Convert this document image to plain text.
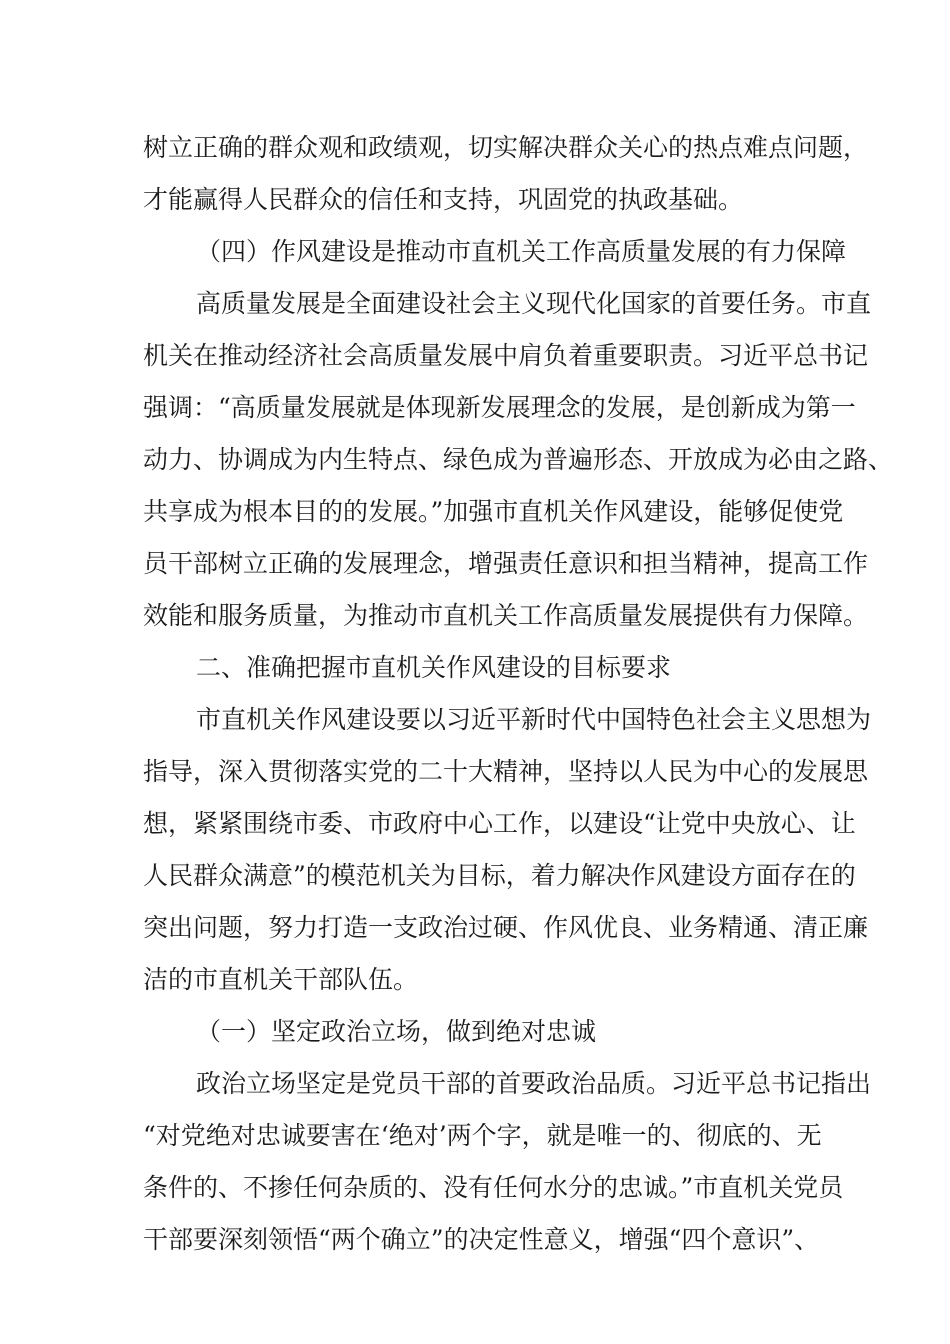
树立正确的群众观和政绩观，切实解决群众关心的热点难点问题，
才能赢得人民群众的信任和支持，巩固党的执政基础。
（四）作风建设是推动市直机关工作高质量发展的有力保障
高质量发展是全面建设社会主义现代化国家的首要任务。市直
机关在推动经济社会高质量发展中肩负着重要职责。习近平总书记
强调：“高质量发展就是体现新发展理念的发展，是创新成为第一
动力、协调成为内生特点、绿色成为普遍形态、开放成为必由之路、
共享成为根本目的的发展。”加强市直机关作风建设，能够促使党
员干部树立正确的发展理念，增强责任意识和担当精神，提高工作
效能和服务质量，为推动市直机关工作高质量发展提供有力保障。
二、准确把握市直机关作风建设的目标要求
市直机关作风建设要以习近平新时代中国特色社会主义思想为
指导，深入贯彻落实党的二十大精神，坚持以人民为中心的发展思
想，紧紧围绕市委、市政府中心工作，以建设“让党中央放心、让
人民群众满意”的模范机关为目标，着力解决作风建设方面存在的
突出问题，努力打造一支政治过硬、作风优良、业务精通、清正廉
洁的市直机关干部队伍。
（一）坚定政治立场，做到绝对忠诚
政治立场坚定是党员干部的首要政治品质。习近平总书记指出
“对党绝对忠诚要害在‘绝对’两个字，就是唯一的、彻底的、无
条件的、不掺任何杂质的、没有任何水分的忠诚。”市直机关党员
干部要深刻领悟“两个确立”的决定性意义，增强“四个意识”、
